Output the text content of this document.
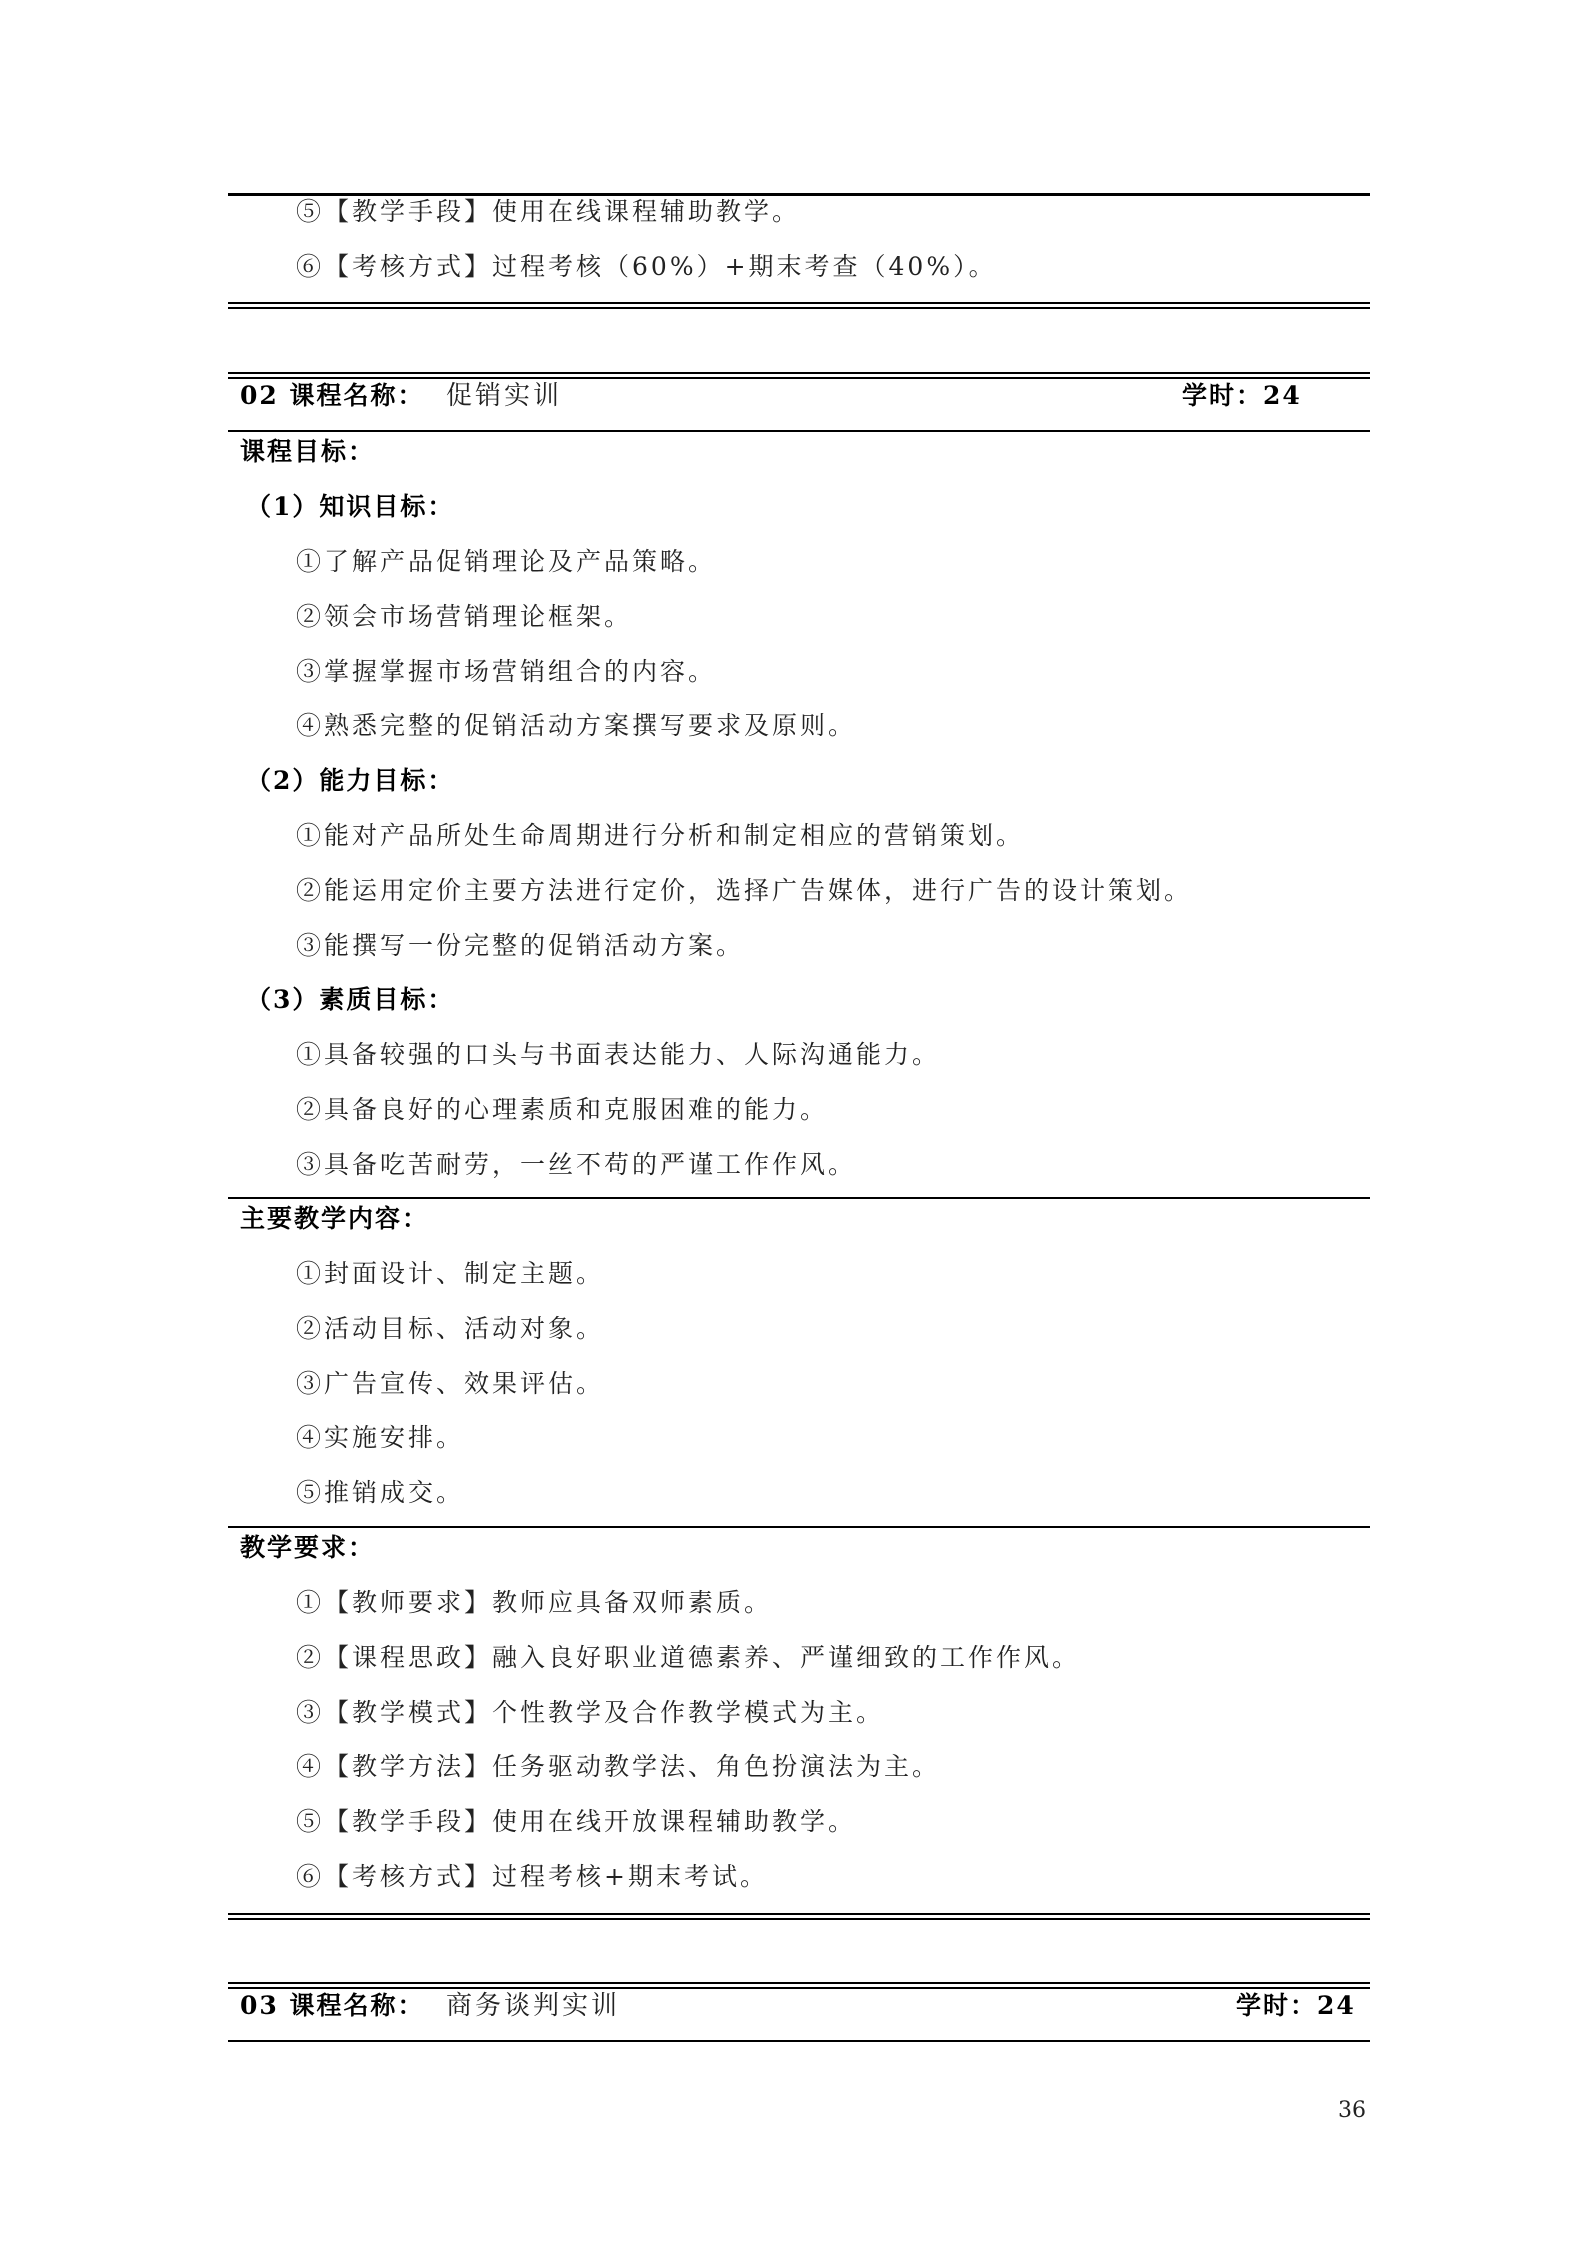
⑤【教学手段】使用在线课程辅助教学。
⑥【考核方式】过程考核（60%）+期末考查（40%）。
02 课程名称： 促销实训	学时：24
课程目标：
（1）知识目标：
①了解产品促销理论及产品策略。
②领会市场营销理论框架。
③掌握掌握市场营销组合的内容。
④熟悉完整的促销活动方案撰写要求及原则。
（2）能力目标：
①能对产品所处生命周期进行分析和制定相应的营销策划。
②能运用定价主要方法进行定价，选择广告媒体，进行广告的设计策划。
③能撰写一份完整的促销活动方案。
（3）素质目标：
①具备较强的口头与书面表达能力、人际沟通能力。
②具备良好的心理素质和克服困难的能力。
③具备吃苦耐劳，一丝不苟的严谨工作作风。
主要教学内容：
①封面设计、制定主题。
②活动目标、活动对象。
③广告宣传、效果评估。
④实施安排。
⑤推销成交。
教学要求：
①【教师要求】教师应具备双师素质。
②【课程思政】融入良好职业道德素养、严谨细致的工作作风。
③【教学模式】个性教学及合作教学模式为主。
④【教学方法】任务驱动教学法、角色扮演法为主。
⑤【教学手段】使用在线开放课程辅助教学。
⑥【考核方式】过程考核+期末考试。
03 课程名称： 商务谈判实训	学时：24
36
